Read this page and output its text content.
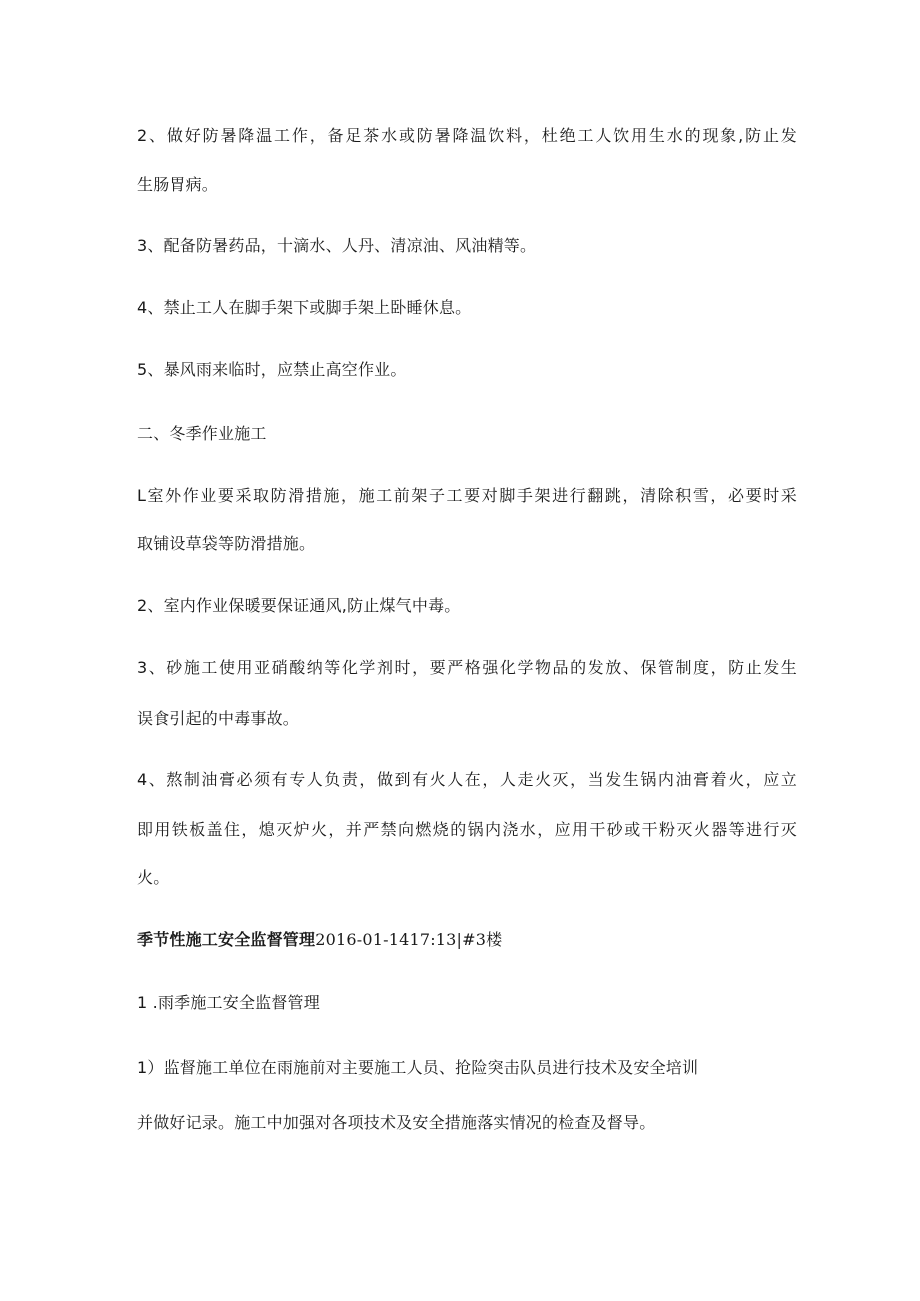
2、做好防暑降温工作，备足茶水或防暑降温饮料，杜绝工人饮用生水的现象,防止发
生肠胃病。
3、配备防暑药品，十滴水、人丹、清凉油、风油精等。
4、禁止工人在脚手架下或脚手架上卧睡休息。
5、暴风雨来临时，应禁止高空作业。
二、冬季作业施工
L室外作业要采取防滑措施，施工前架子工要对脚手架进行翻跳，清除积雪，必要时采
取铺设草袋等防滑措施。
2、室内作业保暖要保证通风,防止煤气中毒。
3、砂施工使用亚硝酸纳等化学剂时，要严格强化学物品的发放、保管制度，防止发生
误食引起的中毒事故。
4、熬制油膏必须有专人负责，做到有火人在，人走火灭，当发生锅内油膏着火，应立
即用铁板盖住，熄灭炉火，并严禁向燃烧的锅内浇水，应用干砂或干粉灭火器等进行灭
火。
季节性施工安全监督管理2016-01-1417:13|#3楼
1 .雨季施工安全监督管理
1）监督施工单位在雨施前对主要施工人员、抢险突击队员进行技术及安全培训
并做好记录。施工中加强对各项技术及安全措施落实情况的检查及督导。
